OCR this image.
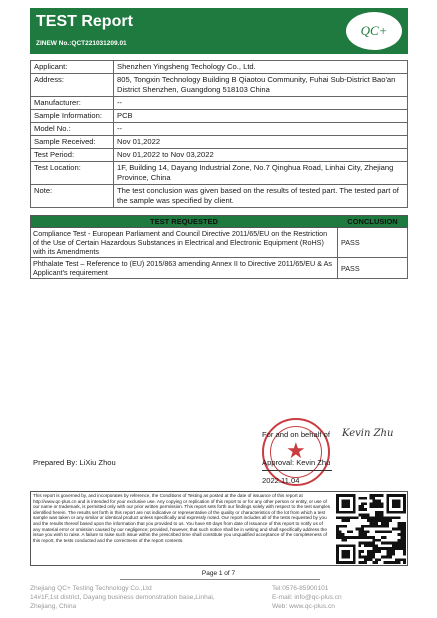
TEST Report
ZINEW No.:QCT221031209.01
QC+
Applicant:	Shenzhen Yingsheng Techology Co., Ltd.
Address:	805, Tongxin Technology Building B Qiaotou Community, Fuhai Sub-District Bao'an District Shenzhen, Guangdong 518103 China
Manufacturer:	--
Sample Information:	PCB
Model No.:	--
Sample Received:	Nov 01,2022
Test Period:	Nov 01,2022 to Nov 03,2022
Test Location:	1F, Building 14, Dayang Industrial Zone, No.7 Qinghua Road, Linhai City, Zhejiang Province, China
Note:	The test conclusion was given based on the results of tested part. The tested part of the sample was specified by client.
TEST REQUESTED	CONCLUSION
Compliance Test - European Parliament and Council Directive 2011/65/EU on the Restriction of the Use of Certain Hazardous Substances in Electrical and Electronic Equipment (RoHS) with its Amendments	PASS
Phthalate Test – Reference to (EU) 2015/863 amending Annex II to Directive 2011/65/EU & As Applicant's requirement	PASS
★
Prepared By: LiXiu Zhou
For and on behalf of Kevin Zhu
Approval: Kevin Zhu
2022.11.04
This report is governed by, and incorporates by reference, the Conditions of Testing as posted at the date of issuance of this report at http://www.qc-plus.cn and is intended for your exclusive use. Any copying or replication of this report to or for any other person or entity, or use of our name or trademark, is permitted only with our prior written permission. This report sets forth our findings solely with respect to the test samples identified herein. The results set forth in this report are not indicative or representative of the quality or characteristics of the lot from which a test sample was taken or any similar or identical product unless specifically and expressly noted. Our report includes all of the tests requested by you and the results thereof based upon the information that you provided to us. You have 60 days from date of issuance of this report to notify us of any material error or omission caused by our negligence; provided, however, that such notice shall be in writing and shall specifically address the issue you wish to raise. A failure to raise such issue within the prescribed time shall constitute you unqualified acceptance of the completeness of this report, the tests conducted and the correctness of the report contents.
Page 1 of 7
Zhejiang QC+ Testing Technology Co.,Ltd
14#1F,1st district, Dayang business demonstration base,Linhai,
Zhejiang, China
Tel:0576-85900101
E-mail: info@qc-plus.cn
Web: www.qc-plus.cn
